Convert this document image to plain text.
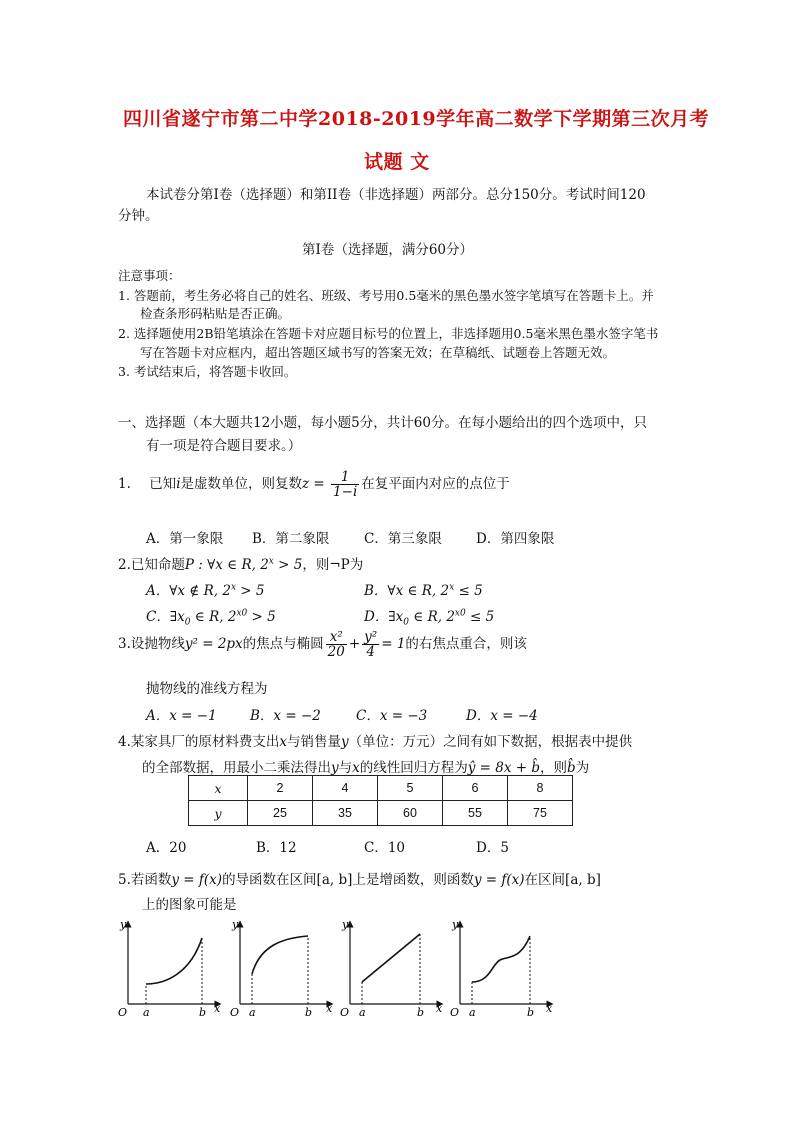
四川省遂宁市第二中学2018-2019学年高二数学下学期第三次月考
试题 文
本试卷分第I卷（选择题）和第II卷（非选择题）两部分。总分150分。考试时间120
分钟。
第I卷（选择题，满分60分）
注意事项：
1. 答题前，考生务必将自己的姓名、班级、考号用0.5毫米的黑色墨水签字笔填写在答题卡上。并
检查条形码粘贴是否正确。
2. 选择题使用2B铅笔填涂在答题卡对应题目标号的位置上，非选择题用0.5毫米黑色墨水签字笔书
写在答题卡对应框内，超出答题区域书写的答案无效；在草稿纸、试题卷上答题无效。
3. 考试结束后，将答题卡收回。
一、选择题（本大题共12小题，每小题5分，共计60分。在每小题给出的四个选项中，只
有一项是符合题目要求。）
1. 已知i是虚数单位，则复数$z = \frac{1}{1-i}$ 在复平面内对应的点位于
A．第一象限 B．第二象限	C．第三象限	D．第四象限
2.已知命题P : ∀x ∈ R, $2^x > 5$，则¬P为
A．∀x ∉ R, $2^x > 5$	B．∀x ∈ R, $2^x \le 5$
C．$\exists x_0$ ∈ R, $2^{x0} > 5$	D．$\exists x_0$ ∈ R, $2^{x0} \le 5$
3.设抛物线y² = 2px的焦点与椭圆 $\frac{\text{x²}}{20} + \frac{\text{y²}}{4} = 1$的右焦点重合，则该
抛物线的准线方程为
A．x = −1 B．x = −2	C．x = −3	D．x = −4
4.某家具厂的原材料费支出x与销售量y（单位：万元）之间有如下数据，根据表中提供
的全部数据，用最小二乘法得出y与x的线性回归方程为ŷ = 8x + b̂，则b̂为
x	2	4	5	6	8
y	25	35	60	55	75
A．20	B．12	C．10	D．5
5.若函数y = f(x)的导函数在区间[a, b]上是增函数，则函数y = f(x)在区间[a, b]
上的图象可能是
y
O a	b x
y
O a	b x
y
O a	b x
y
O a	b x
